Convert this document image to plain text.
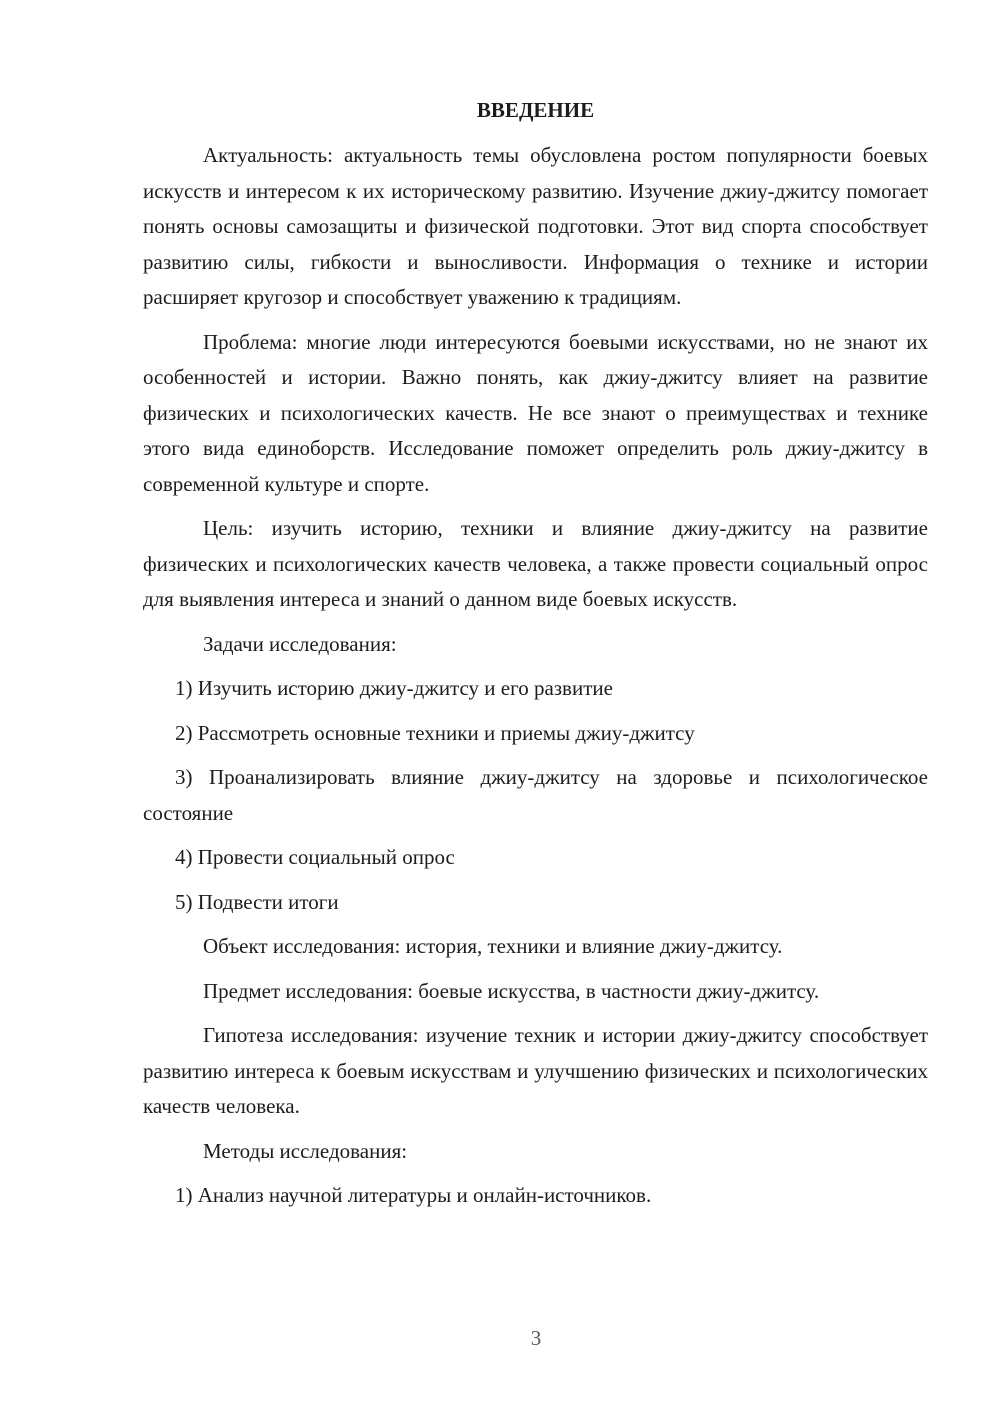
ВВЕДЕНИЕ
Актуальность: актуальность темы обусловлена ростом популярности боевых искусств и интересом к их историческому развитию. Изучение джиу-джитсу помогает понять основы самозащиты и физической подготовки. Этот вид спорта способствует развитию силы, гибкости и выносливости. Информация о технике и истории расширяет кругозор и способствует уважению к традициям.
Проблема: многие люди интересуются боевыми искусствами, но не знают их особенностей и истории. Важно понять, как джиу-джитсу влияет на развитие физических и психологических качеств. Не все знают о преимуществах и технике этого вида единоборств. Исследование поможет определить роль джиу-джитсу в современной культуре и спорте.
Цель: изучить историю, техники и влияние джиу-джитсу на развитие физических и психологических качеств человека, а также провести социальный опрос для выявления интереса и знаний о данном виде боевых искусств.
Задачи исследования:
1) Изучить историю джиу-джитсу и его развитие
2) Рассмотреть основные техники и приемы джиу-джитсу
3) Проанализировать влияние джиу-джитсу на здоровье и психологическое состояние
4) Провести социальный опрос
5) Подвести итоги
Объект исследования: история, техники и влияние джиу-джитсу.
Предмет исследования: боевые искусства, в частности джиу-джитсу.
Гипотеза исследования: изучение техник и истории джиу-джитсу способствует развитию интереса к боевым искусствам и улучшению физических и психологических качеств человека.
Методы исследования:
1) Анализ научной литературы и онлайн-источников.
3
